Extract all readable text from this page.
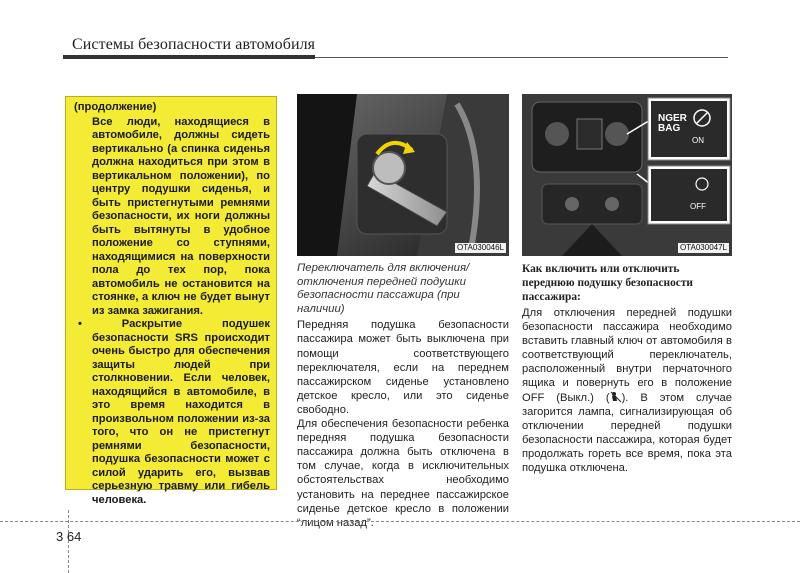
Системы безопасности автомобиля
(продолжение)
Все люди, находящиеся в автомобиле, должны сидеть вертикально (а спинка сиденья должна находиться при этом в вертикальном положении), по центру подушки сиденья, и быть пристегнутыми ремнями безопасности, их ноги должны быть вытянуты в удобное положение со ступнями, находящимися на поверхности пола до тех пор, пока автомобиль не остановится на стоянке, а ключ не будет вынут из замка зажигания.
• Раскрытие подушек безопасности SRS происходит очень быстро для обеспечения защиты людей при столкновении. Если человек, находящийся в автомобиле, в это время находится в произвольном положении из-за того, что он не пристегнут ремнями безопасности, подушка безопасности может с силой ударить его, вызвав серьезную травму или гибель человека.
OTA030046L
NGER
BAG
ON
OFF
OTA030047L
Переключатель для включения/ отключения передней подушки безопасности пассажира (при наличии)
Передняя подушка безопасности пассажира может быть выключена при помощи соответствующего переключателя, если на переднем пассажирском сиденье установлено детское кресло, или это сиденье свободно.
Для обеспечения безопасности ребенка передняя подушка безопасности пассажира должна быть отключена в том случае, когда в исключительных обстоятельствах необходимо установить на переднее пассажирское сиденье детское кресло в положении “лицом назад”.
Как включить или отключить переднюю подушку безопасности пассажира:
Для отключения передней подушки безопасности пассажира необходимо вставить главный ключ от автомобиля в соответствующий переключатель, расположенный внутри перчаточного ящика и повернуть его в положение OFF (Выкл.) ( ). В этом случае загорится лампа, сигнализирующая об отключении передней подушки безопасности пассажира, которая будет продолжать гореть все время, пока эта подушка отключена.
3 64
